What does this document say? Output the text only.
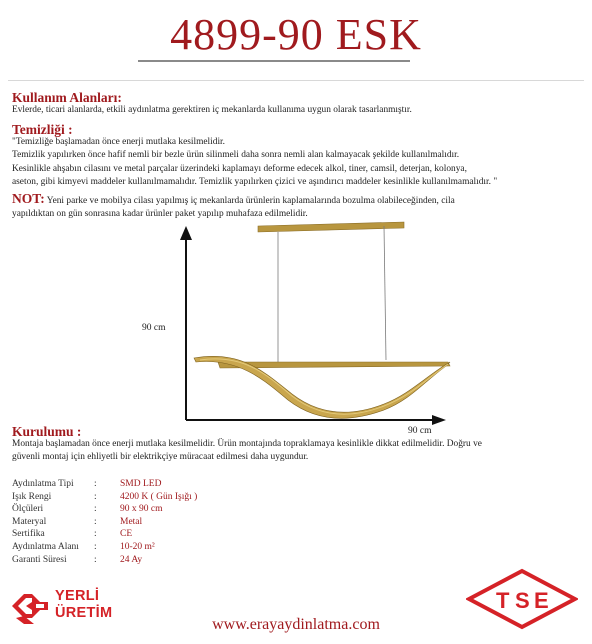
4899-90 ESK
Kullanım Alanları:
Evlerde, ticari alanlarda, etkili aydınlatma gerektiren iç mekanlarda kullanıma uygun olarak tasarlanmıştır.
Temizliği :
"Temizliğe başlamadan önce enerji mutlaka kesilmelidir.
Temizlik yapılırken önce hafif nemli bir bezle ürün silinmeli daha sonra nemli alan kalmayacak şekilde kullanılmalıdır.
Kesinlikle ahşabın cilasını ve metal parçalar üzerindeki kaplamayı deforme edecek alkol, tiner, camsil, deterjan, kolonya,
aseton, gibi kimyevi maddeler kullanılmamalıdır. Temizlik yapılırken çizici ve aşındırıcı maddeler kesinlikle kullanılmamalıdır. "
NOT: Yeni parke ve mobilya cilası yapılmış iç mekanlarda ürünlerin kaplamalarında bozulma olabileceğinden, cila
yapıldıktan on gün sonrasına kadar ürünler paket yapılıp muhafaza edilmelidir.
90 cm
90 cm
Kurulumu :
Montaja başlamadan önce enerji mutlaka kesilmelidir. Ürün montajında topraklamaya kesinlikle dikkat edilmelidir. Doğru ve
güvenli montaj için ehliyetli bir elektrikçiye müracaat edilmesi daha uygundur.
Aydınlatma Tipi	:	SMD LED
Işık Rengi	:	4200 K ( Gün Işığı )
Ölçüleri	:	90 x 90 cm
Materyal	:	Metal
Sertifika	:	CE
Aydınlatma Alanı	:	10-20 m²
Garanti Süresi	:	24 Ay
YERLİ
ÜRETİM
www.erayaydinlatma.com
T S E
